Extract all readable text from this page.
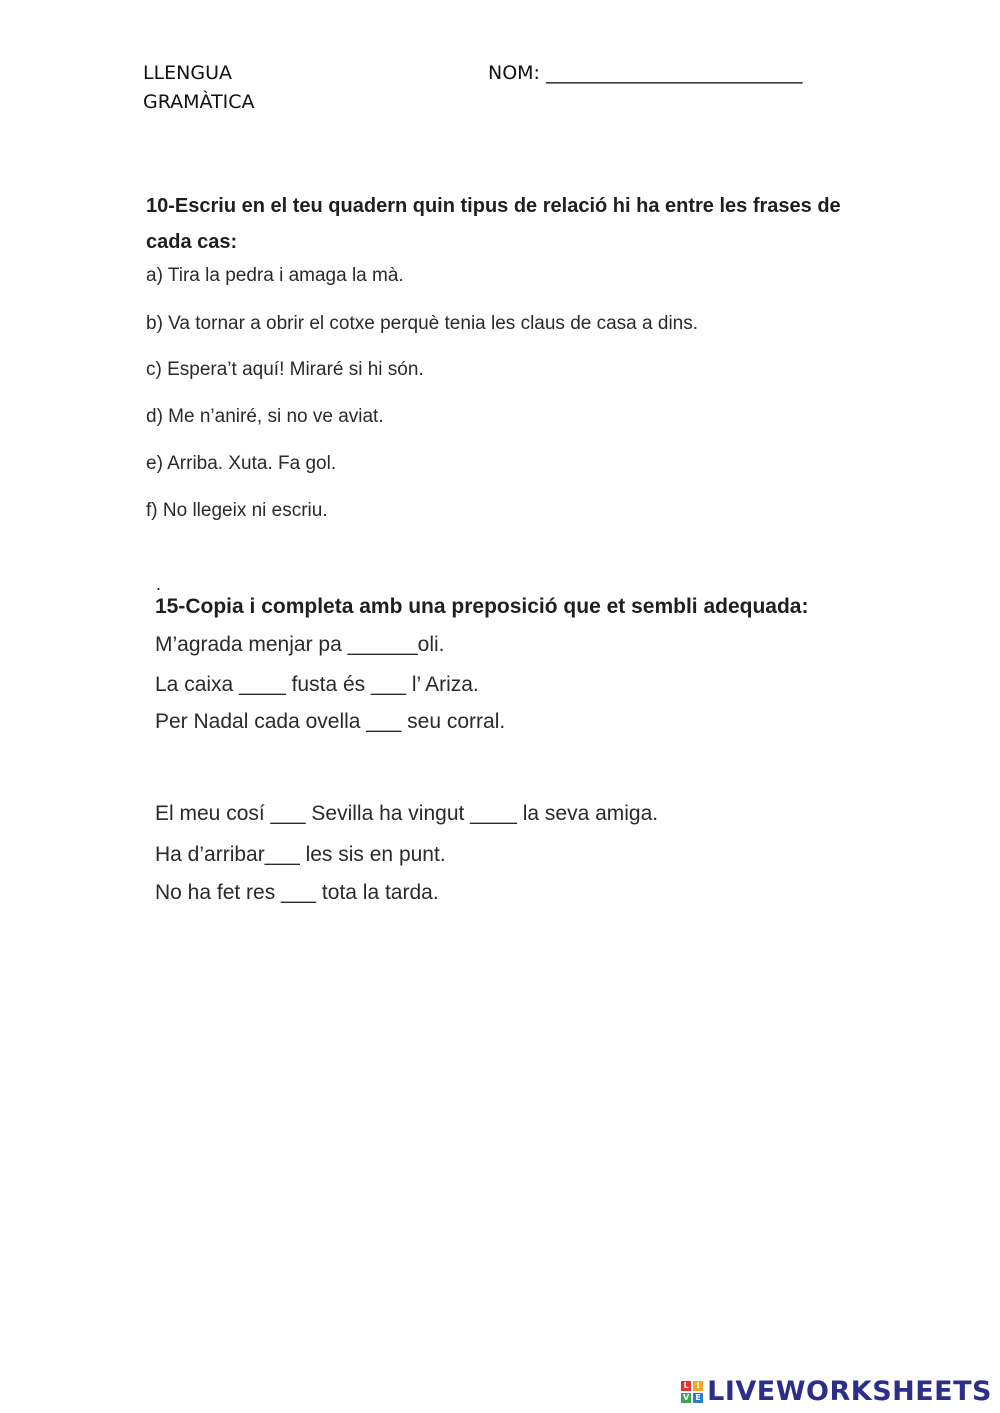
LLENGUA
GRAMÀTICA
NOM: ___________________________
10-Escriu en el teu quadern quin tipus de relació hi ha entre les frases de
cada cas:
a) Tira la pedra i amaga la mà.
b) Va tornar a obrir el cotxe perquè tenia les claus de casa a dins.
c) Espera’t aquí! Miraré si hi són.
d) Me n’aniré, si no ve aviat.
e) Arriba. Xuta. Fa gol.
f) No llegeix ni escriu.
.
15-Copia i completa amb una preposició que et sembli adequada:
M’agrada menjar pa ______oli.
La caixa ____ fusta és ___ l’ Ariza.
Per Nadal cada ovella ___ seu corral.
El meu cosí ___ Sevilla ha vingut ____ la seva amiga.
Ha d’arribar___ les sis en punt.
No ha fet res ___ tota la tarda.
L I
V E LIVEWORKSHEETS
